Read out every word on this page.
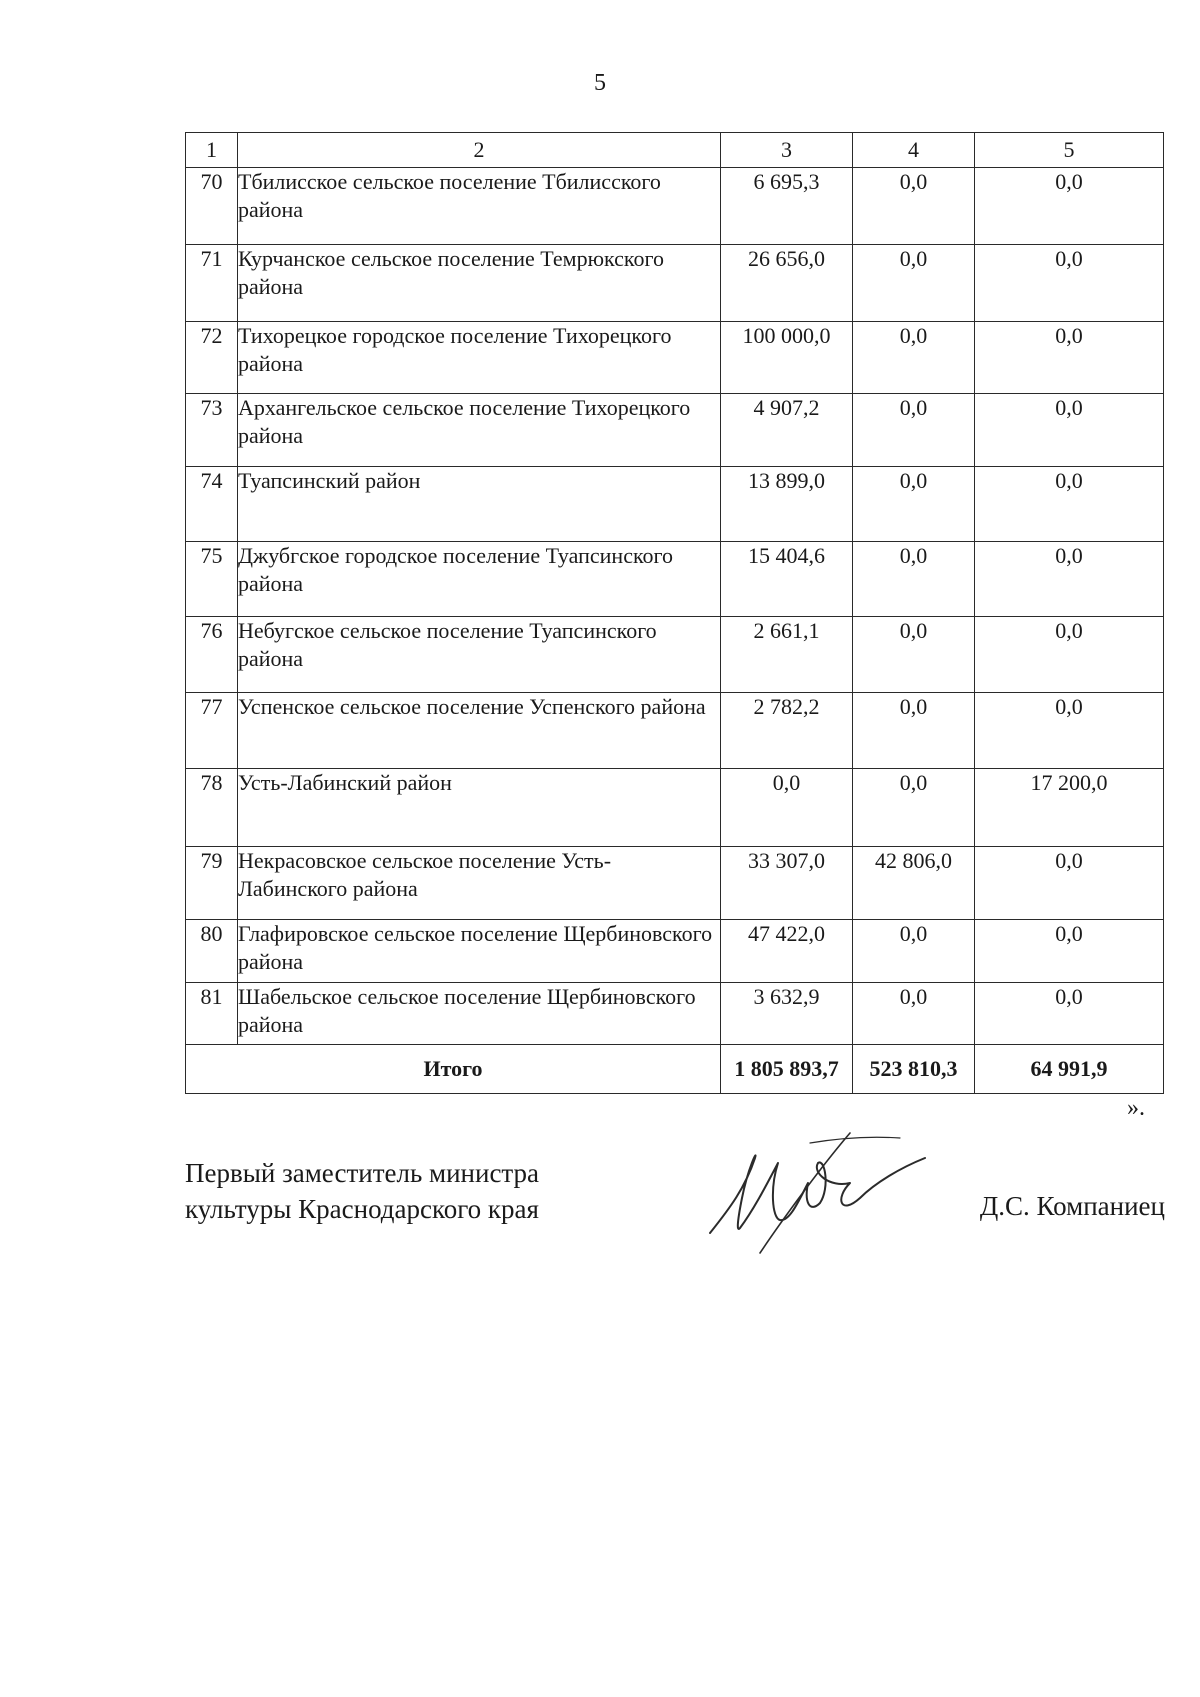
5
1	2	3	4	5
70	Тбилисское сельское поселение Тбилисского района	6 695,3	0,0	0,0
71	Курчанское сельское поселение Темрюкского района	26 656,0	0,0	0,0
72	Тихорецкое городское поселение Тихорецкого района	100 000,0	0,0	0,0
73	Архангельское сельское поселение Тихорецкого района	4 907,2	0,0	0,0
74	Туапсинский район	13 899,0	0,0	0,0
75	Джубгское городское поселение Туапсинского района	15 404,6	0,0	0,0
76	Небугское сельское поселение Туапсинского района	2 661,1	0,0	0,0
77	Успенское сельское поселение Успенского района	2 782,2	0,0	0,0
78	Усть-Лабинский район	0,0	0,0	17 200,0
79	Некрасовское сельское поселение Усть-Лабинского района	33 307,0	42 806,0	0,0
80	Глафировское сельское поселение Щербиновского района	47 422,0	0,0	0,0
81	Шабельское сельское поселение Щербиновского района	3 632,9	0,0	0,0
Итого		1 805 893,7	523 810,3	64 991,9
».
Первый заместитель министра
культуры Краснодарского края	Д.С. Компаниец
